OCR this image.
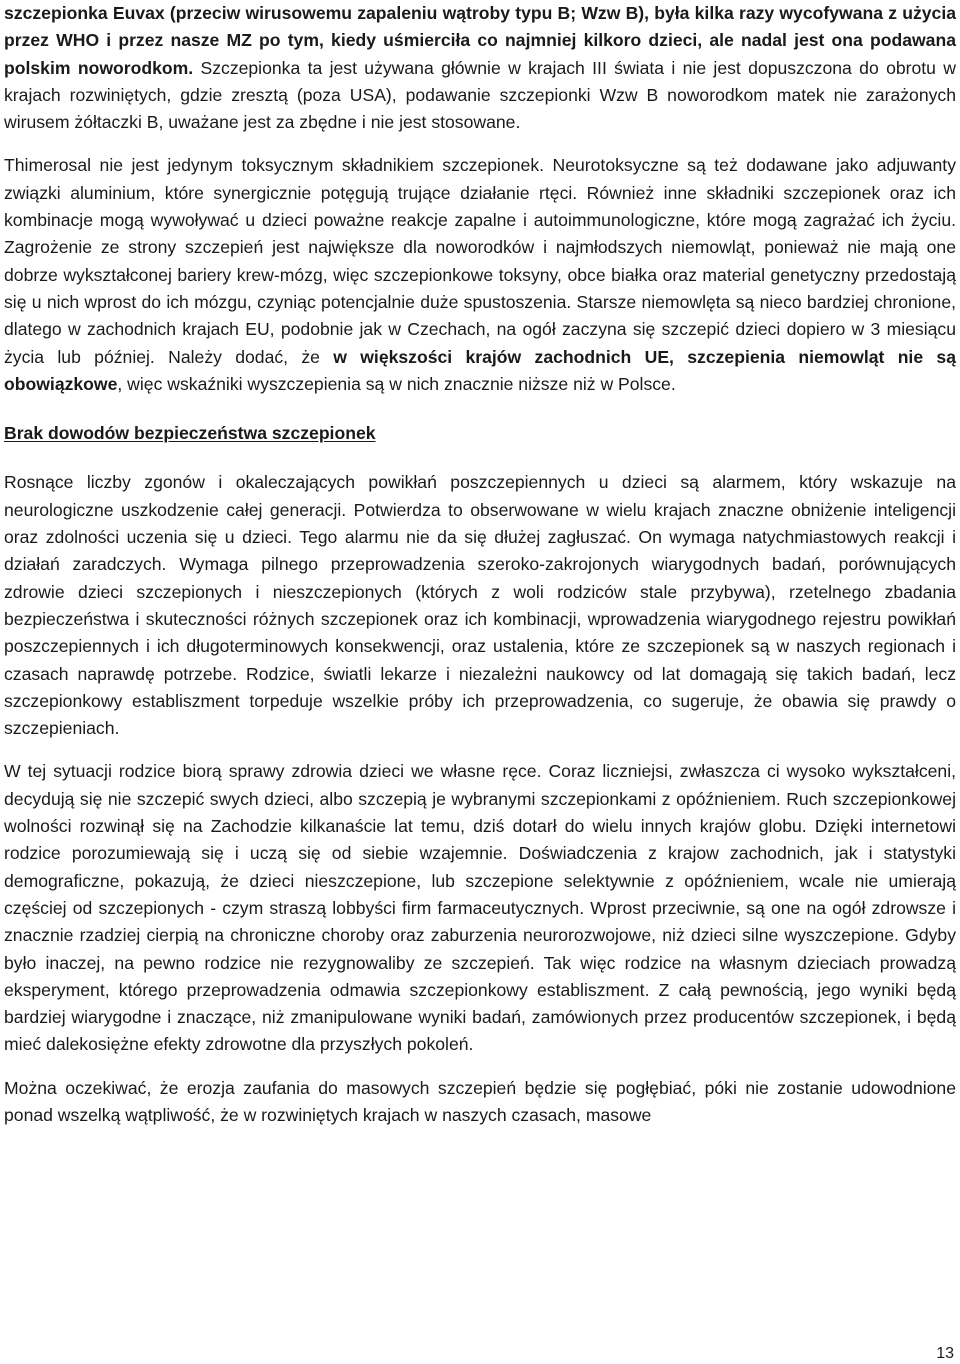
szczepionka Euvax (przeciw wirusowemu zapaleniu wątroby typu B; Wzw B), była kilka razy wycofywana z użycia przez WHO i przez nasze MZ po tym, kiedy uśmierciła co najmniej kilkoro dzieci, ale nadal jest ona podawana polskim noworodkom. Szczepionka ta jest używana głównie w krajach III świata i nie jest dopuszczona do obrotu w krajach rozwiniętych, gdzie zresztą (poza USA), podawanie szczepionki Wzw B noworodkom matek nie zarażonych wirusem żółtaczki B, uważane jest za zbędne i nie jest stosowane.

Thimerosal nie jest jedynym toksycznym składnikiem szczepionek. Neurotoksyczne są też dodawane jako adjuwanty związki aluminium, które synergicznie potęgują trujące działanie rtęci. Również inne składniki szczepionek oraz ich kombinacje mogą wywoływać u dzieci poważne reakcje zapalne i autoimmunologiczne, które mogą zagrażać ich życiu. Zagrożenie ze strony szczepień jest największe dla noworodków i najmłodszych niemowląt, ponieważ nie mają one dobrze wykształconej bariery krew-mózg, więc szczepionkowe toksyny, obce białka oraz material genetyczny przedostają się u nich wprost do ich mózgu, czyniąc potencjalnie duże spustoszenia. Starsze niemowlęta są nieco bardziej chronione, dlatego w zachodnich krajach EU, podobnie jak w Czechach, na ogół zaczyna się szczepić dzieci dopiero w 3 miesiącu życia lub później. Należy dodać, że w większości krajów zachodnich UE, szczepienia niemowląt nie są obowiązkowe, więc wskaźniki wyszczepienia są w nich znacznie niższe niż w Polsce.

Brak dowodów bezpieczeństwa szczepionek

Rosnące liczby zgonów i okaleczających powikłań poszczepiennych u dzieci są alarmem, który wskazuje na neurologiczne uszkodzenie całej generacji. Potwierdza to obserwowane w wielu krajach znaczne obniżenie inteligencji oraz zdolności uczenia się u dzieci. Tego alarmu nie da się dłużej zagłuszać. On wymaga natychmiastowych reakcji i działań zaradczych. Wymaga pilnego przeprowadzenia szeroko-zakrojonych wiarygodnych badań, porównujących zdrowie dzieci szczepionych i nieszczepionych (których z woli rodziców stale przybywa), rzetelnego zbadania bezpieczeństwa i skuteczności różnych szczepionek oraz ich kombinacji, wprowadzenia wiarygodnego rejestru powikłań poszczepiennych i ich długoterminowych konsekwencji, oraz ustalenia, które ze szczepionek są w naszych regionach i czasach naprawdę potrzebe. Rodzice, światli lekarze i niezależni naukowcy od lat domagają się takich badań, lecz szczepionkowy establiszment torpeduje wszelkie próby ich przeprowadzenia, co sugeruje, że obawia się prawdy o szczepieniach.

W tej sytuacji rodzice biorą sprawy zdrowia dzieci we własne ręce. Coraz liczniejsi, zwłaszcza ci wysoko wykształceni, decydują się nie szczepić swych dzieci, albo szczepią je wybranymi szczepionkami z opóźnieniem. Ruch szczepionkowej wolności rozwinął się na Zachodzie kilkanaście lat temu, dziś dotarł do wielu innych krajów globu. Dzięki internetowi rodzice porozumiewają się i uczą się od siebie wzajemnie. Doświadczenia z krajow zachodnich, jak i statystyki demograficzne, pokazują, że dzieci nieszczepione, lub szczepione selektywnie z opóźnieniem, wcale nie umierają częściej od szczepionych - czym straszą lobbyści firm farmaceutycznych. Wprost przeciwnie, są one na ogół zdrowsze i znacznie rzadziej cierpią na chroniczne choroby oraz zaburzenia neurorozwojowe, niż dzieci silne wyszczepione. Gdyby było inaczej, na pewno rodzice nie rezygnowaliby ze szczepień. Tak więc rodzice na własnym dzieciach prowadzą eksperyment, którego przeprowadzenia odmawia szczepionkowy establiszment. Z całą pewnością, jego wyniki będą bardziej wiarygodne i znaczące, niż zmanipulowane wyniki badań, zamówionych przez producentów szczepionek, i będą mieć dalekosiężne efekty zdrowotne dla przyszłych pokoleń.

Można oczekiwać, że erozja zaufania do masowych szczepień będzie się pogłębiać, póki nie zostanie udowodnione ponad wszelką wątpliwość, że w rozwiniętych krajach w naszych czasach, masowe

13
